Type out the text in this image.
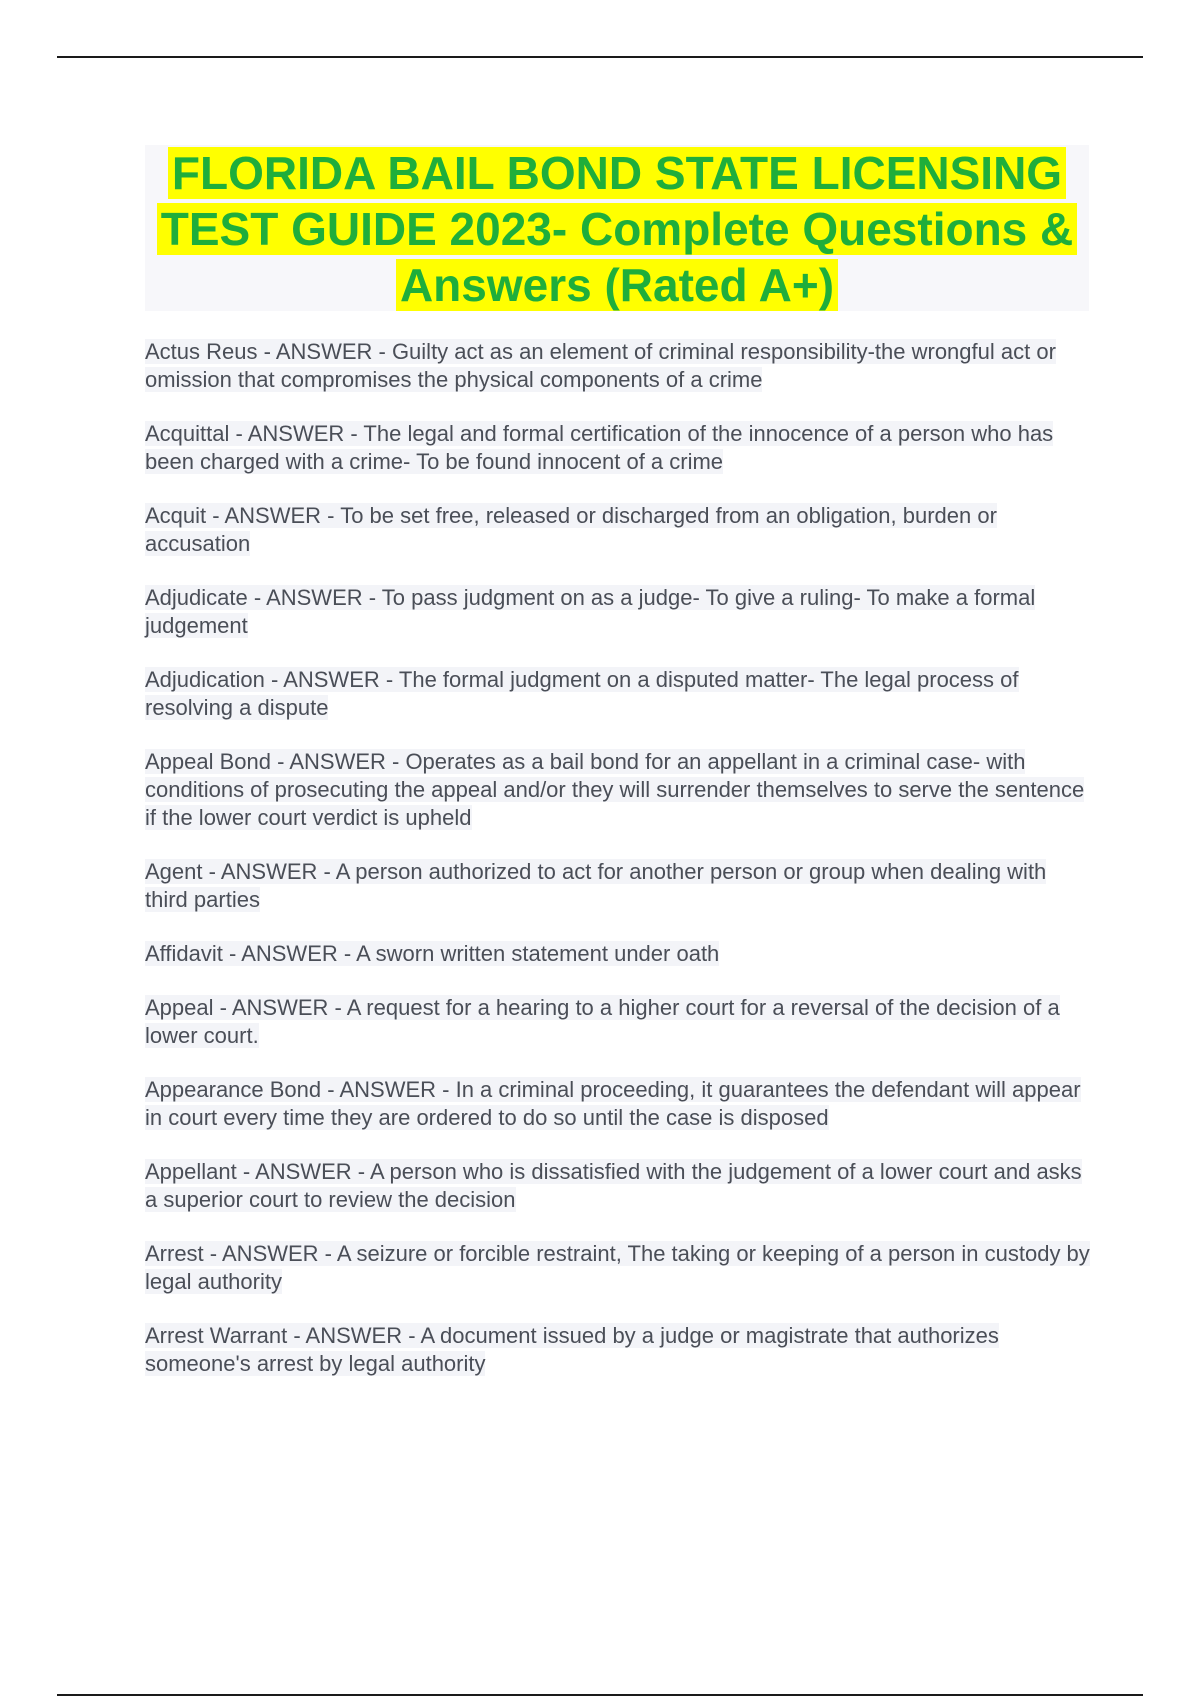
FLORIDA BAIL BOND STATE LICENSING TEST GUIDE 2023- Complete Questions & Answers (Rated A+)

Actus Reus - ANSWER - Guilty act as an element of criminal responsibility-the wrongful act or omission that compromises the physical components of a crime

Acquittal - ANSWER - The legal and formal certification of the innocence of a person who has been charged with a crime- To be found innocent of a crime

Acquit - ANSWER - To be set free, released or discharged from an obligation, burden or accusation

Adjudicate - ANSWER - To pass judgment on as a judge- To give a ruling- To make a formal judgement

Adjudication - ANSWER - The formal judgment on a disputed matter- The legal process of resolving a dispute

Appeal Bond - ANSWER - Operates as a bail bond for an appellant in a criminal case- with conditions of prosecuting the appeal and/or they will surrender themselves to serve the sentence if the lower court verdict is upheld

Agent - ANSWER - A person authorized to act for another person or group when dealing with third parties

Affidavit - ANSWER - A sworn written statement under oath

Appeal - ANSWER - A request for a hearing to a higher court for a reversal of the decision of a lower court.

Appearance Bond - ANSWER - In a criminal proceeding, it guarantees the defendant will appear in court every time they are ordered to do so until the case is disposed

Appellant - ANSWER - A person who is dissatisfied with the judgement of a lower court and asks a superior court to review the decision

Arrest - ANSWER - A seizure or forcible restraint, The taking or keeping of a person in custody by legal authority

Arrest Warrant - ANSWER - A document issued by a judge or magistrate that authorizes someone's arrest by legal authority
